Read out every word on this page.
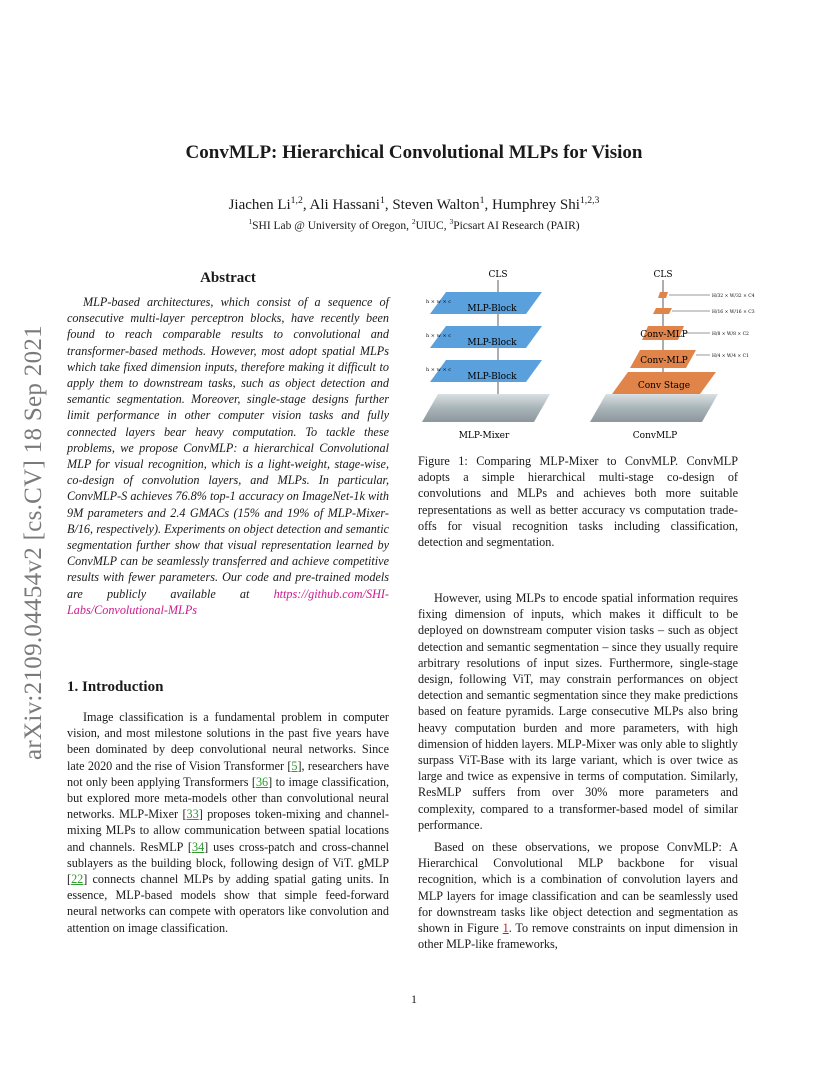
arXiv:2109.04454v2 [cs.CV] 18 Sep 2021
ConvMLP: Hierarchical Convolutional MLPs for Vision
Jiachen Li$^{1,2}$, Ali Hassani$^1$, Steven Walton$^1$, Humphrey Shi$^{1,2,3}$
$^1$SHI Lab @ University of Oregon, $^2$UIUC, $^3$Picsart AI Research (PAIR)
Abstract

MLP-based architectures, which consist of a sequence of consecutive multi-layer perceptron blocks, have recently been found to reach comparable results to convolutional and transformer-based methods. However, most adopt spatial MLPs which take fixed dimension inputs, therefore making it difficult to apply them to downstream tasks, such as object detection and semantic segmentation. Moreover, single-stage designs further limit performance in other computer vision tasks and fully connected layers bear heavy computation. To tackle these problems, we propose ConvMLP: a hierarchical Convolutional MLP for visual recognition, which is a light-weight, stage-wise, co-design of convolution layers, and MLPs. In particular, ConvMLP-S achieves 76.8% top-1 accuracy on ImageNet-1k with 9M parameters and 2.4 GMACs (15% and 19% of MLP-Mixer-B/16, respectively). Experiments on object detection and semantic segmentation further show that visual representation learned by ConvMLP can be seamlessly transferred and achieve competitive results with fewer parameters. Our code and pre-trained models are publicly available at https://github.com/SHI-Labs/Convolutional-MLPs

1. Introduction

Image classification is a fundamental problem in computer vision, and most milestone solutions in the past five years have been dominated by deep convolutional neural networks. Since late 2020 and the rise of Vision Transformer [5], researchers have not only been applying Transformers [36] to image classification, but explored more meta-models other than convolutional neural networks. MLP-Mixer [33] proposes token-mixing and channel-mixing MLPs to allow communication between spatial locations and channels. ResMLP [34] uses cross-patch and cross-channel sublayers as the building block, following design of ViT. gMLP [22] connects channel MLPs by adding spatial gating units. In essence, MLP-based models show that simple feed-forward neural networks can compete with operators like convolution and attention on image classification.

CLS
MLP-Block
h × w × c
MLP-Block
h × w × c
MLP-Block
h × w × c
MLP-Mixer
CLS
Conv-MLP
Conv-MLP
Conv Stage
H/32 × W/32 × C4
H/16 × W/16 × C3
H/8 × W/8 × C2
H/4 × W/4 × C1
ConvMLP

Figure 1: Comparing MLP-Mixer to ConvMLP. ConvMLP adopts a simple hierarchical multi-stage co-design of convolutions and MLPs and achieves both more suitable representations as well as better accuracy vs computation trade-offs for visual recognition tasks including classification, detection and segmentation.

However, using MLPs to encode spatial information requires fixing dimension of inputs, which makes it difficult to be deployed on downstream computer vision tasks – such as object detection and semantic segmentation – since they usually require arbitrary resolutions of input sizes. Furthermore, single-stage design, following ViT, may constrain performances on object detection and semantic segmentation since they make predictions based on feature pyramids. Large consecutive MLPs also bring heavy computation burden and more parameters, with high dimension of hidden layers. MLP-Mixer was only able to slightly surpass ViT-Base with its large variant, which is over twice as large and twice as expensive in terms of computation. Similarly, ResMLP suffers from over 30% more parameters and complexity, compared to a transformer-based model of similar performance.

Based on these observations, we propose ConvMLP: A Hierarchical Convolutional MLP backbone for visual recognition, which is a combination of convolution layers and MLP layers for image classification and can be seamlessly used for downstream tasks like object detection and segmentation as shown in Figure 1. To remove constraints on input dimension in other MLP-like frameworks,

1
